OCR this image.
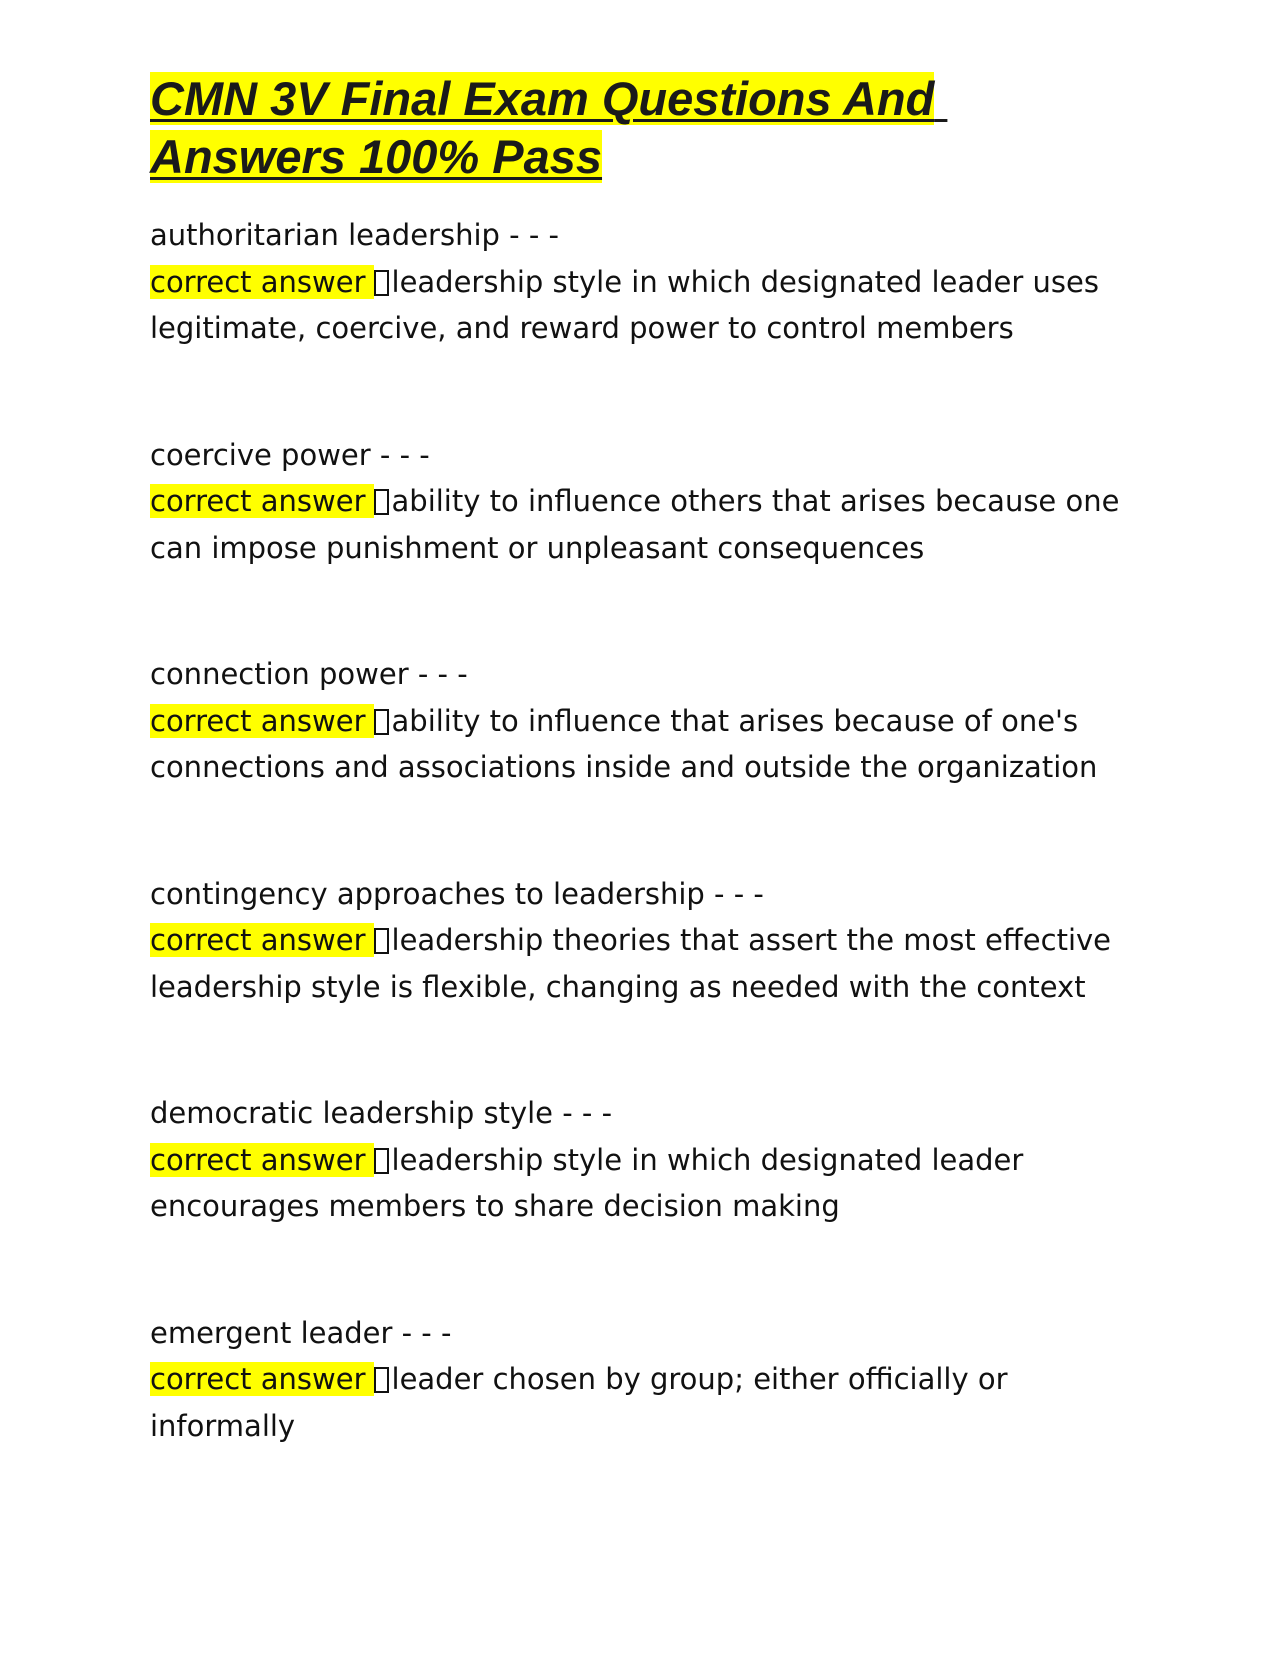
CMN 3V Final Exam Questions And
Answers 100% Pass

authoritarian leadership - - -

correct answer leadership style in which designated leader uses legitimate, coercive, and reward power to control members

coercive power - - -

correct answer ability to influence others that arises because one can impose punishment or unpleasant consequences

connection power - - -

correct answer ability to influence that arises because of one's connections and associations inside and outside the organization

contingency approaches to leadership - - -

correct answer leadership theories that assert the most effective leadership style is flexible, changing as needed with the context

democratic leadership style - - -

correct answer leadership style in which designated leader encourages members to share decision making

emergent leader - - -

correct answer leader chosen by group; either officially or informally
